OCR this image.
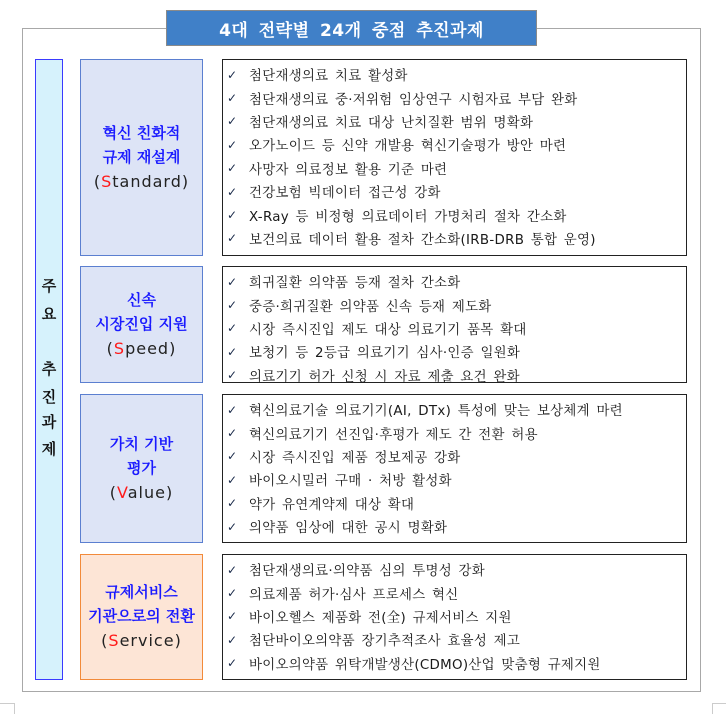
4대 전략별 24개 중점 추진과제
주
요
추
진
과
제
혁신 친화적
규제 재설계
(Standard)
✓ 첨단재생의료 치료 활성화
✓ 첨단재생의료 중·저위험 임상연구 시험자료 부담 완화
✓ 첨단재생의료 치료 대상 난치질환 범위 명확화
✓ 오가노이드 등 신약 개발용 혁신기술평가 방안 마련
✓ 사망자 의료정보 활용 기준 마련
✓ 건강보험 빅데이터 접근성 강화
✓ X-Ray 등 비정형 의료데이터 가명처리 절차 간소화
✓ 보건의료 데이터 활용 절차 간소화(IRB-DRB 통합 운영)
신속
시장진입 지원
(Speed)
✓ 희귀질환 의약품 등재 절차 간소화
✓ 중증·희귀질환 의약품 신속 등재 제도화
✓ 시장 즉시진입 제도 대상 의료기기 품목 확대
✓ 보청기 등 2등급 의료기기 심사·인증 일원화
✓ 의료기기 허가 신청 시 자료 제출 요건 완화
가치 기반
평가
(Value)
✓ 혁신의료기술 의료기기(AI, DTx) 특성에 맞는 보상체계 마련
✓ 혁신의료기기 선진입·후평가 제도 간 전환 허용
✓ 시장 즉시진입 제품 정보제공 강화
✓ 바이오시밀러 구매 · 처방 활성화
✓ 약가 유연계약제 대상 확대
✓ 의약품 임상에 대한 공시 명확화
규제서비스
기관으로의 전환
(Service)
✓ 첨단재생의료·의약품 심의 투명성 강화
✓ 의료제품 허가·심사 프로세스 혁신
✓ 바이오헬스 제품화 전(全) 규제서비스 지원
✓ 첨단바이오의약품 장기추적조사 효율성 제고
✓ 바이오의약품 위탁개발생산(CDMO)산업 맞춤형 규제지원
